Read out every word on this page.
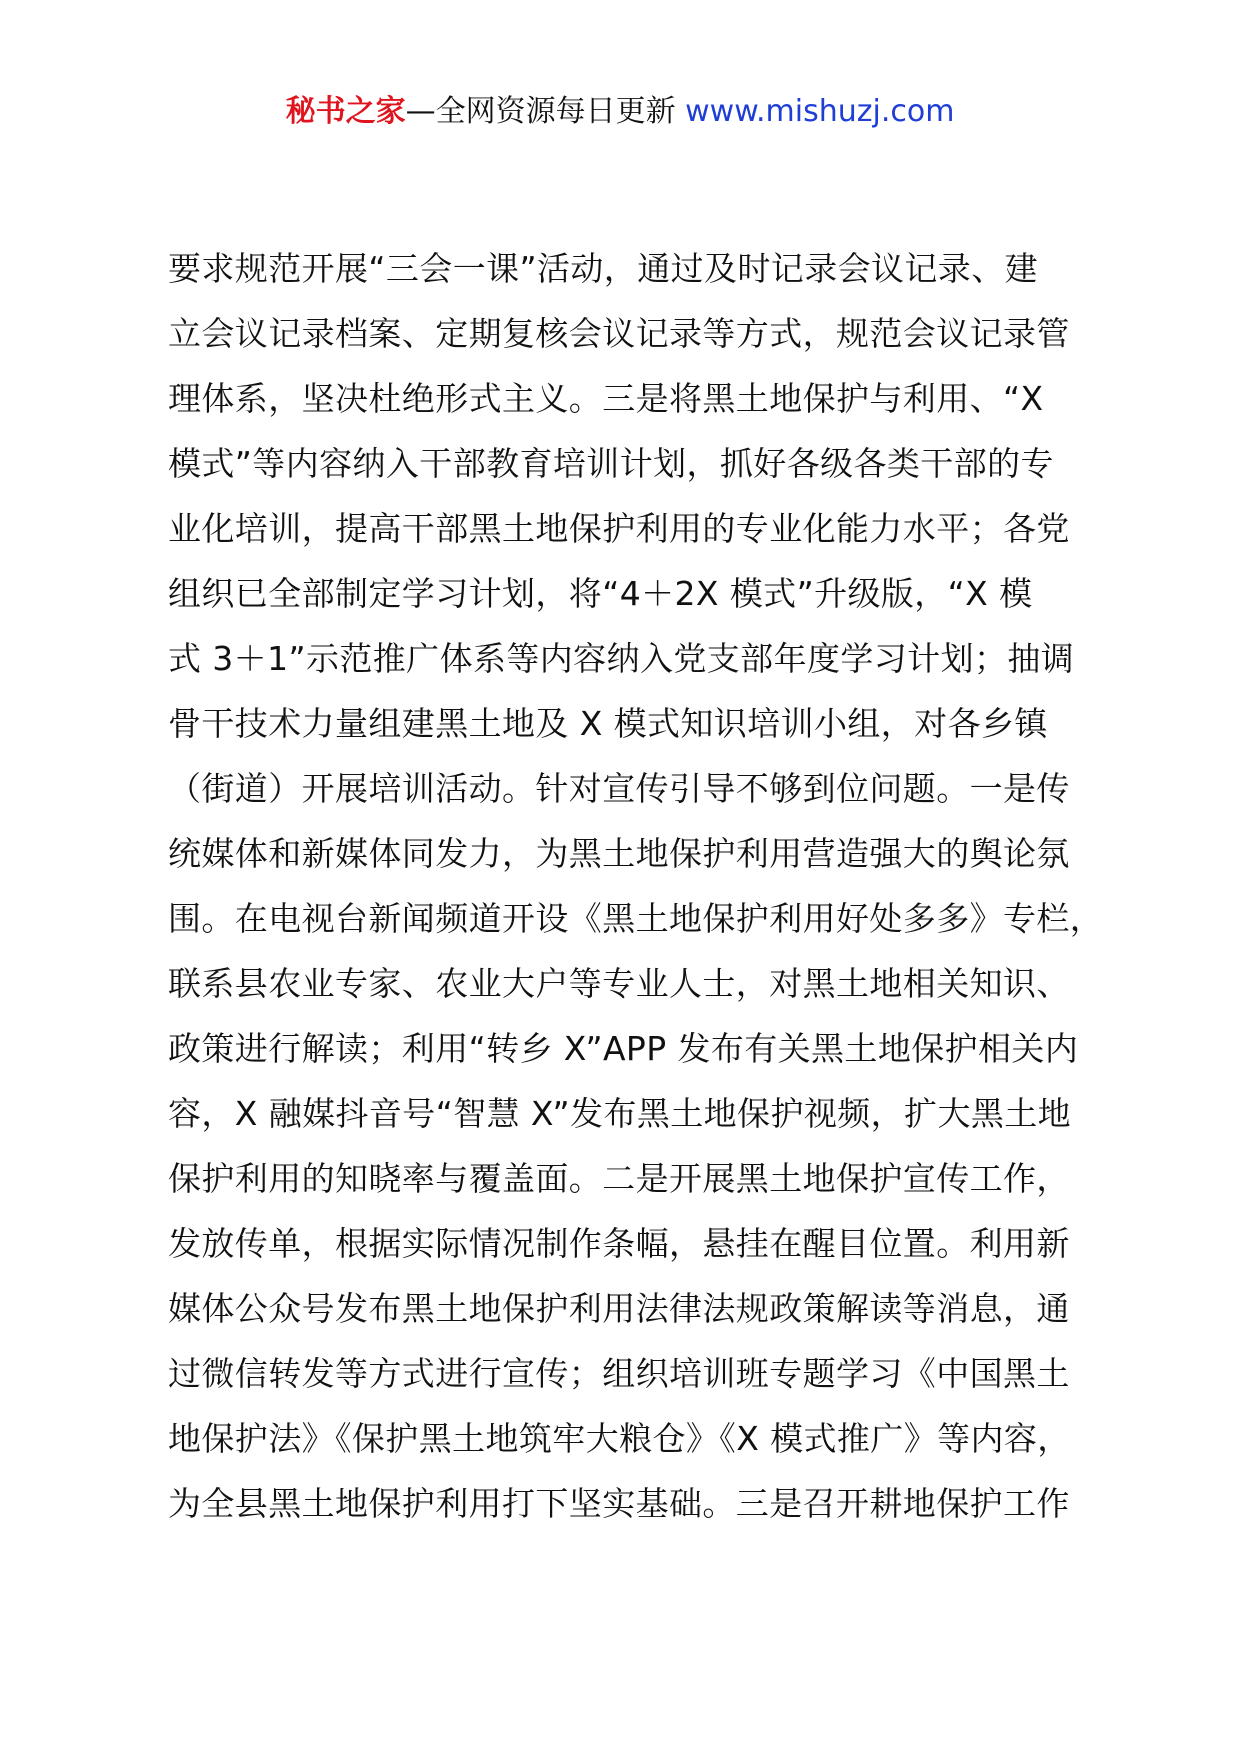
秘书之家—全网资源每日更新 www.mishuzj.com
要求规范开展“三会一课”活动，通过及时记录会议记录、建
立会议记录档案、定期复核会议记录等方式，规范会议记录管
理体系，坚决杜绝形式主义。三是将黑土地保护与利用、“X
模式”等内容纳入干部教育培训计划，抓好各级各类干部的专
业化培训，提高干部黑土地保护利用的专业化能力水平；各党
组织已全部制定学习计划，将“4＋2X 模式”升级版，“X 模
式 3＋1”示范推广体系等内容纳入党支部年度学习计划；抽调
骨干技术力量组建黑土地及 X 模式知识培训小组，对各乡镇
（街道）开展培训活动。针对宣传引导不够到位问题。一是传
统媒体和新媒体同发力，为黑土地保护利用营造强大的舆论氛
围。在电视台新闻频道开设《黑土地保护利用好处多多》专栏，
联系县农业专家、农业大户等专业人士，对黑土地相关知识、
政策进行解读；利用“转乡 X”APP 发布有关黑土地保护相关内
容，X 融媒抖音号“智慧 X”发布黑土地保护视频，扩大黑土地
保护利用的知晓率与覆盖面。二是开展黑土地保护宣传工作，
发放传单，根据实际情况制作条幅，悬挂在醒目位置。利用新
媒体公众号发布黑土地保护利用法律法规政策解读等消息，通
过微信转发等方式进行宣传；组织培训班专题学习《中国黑土
地保护法》《保护黑土地筑牢大粮仓》《X 模式推广》等内容，
为全县黑土地保护利用打下坚实基础。三是召开耕地保护工作
